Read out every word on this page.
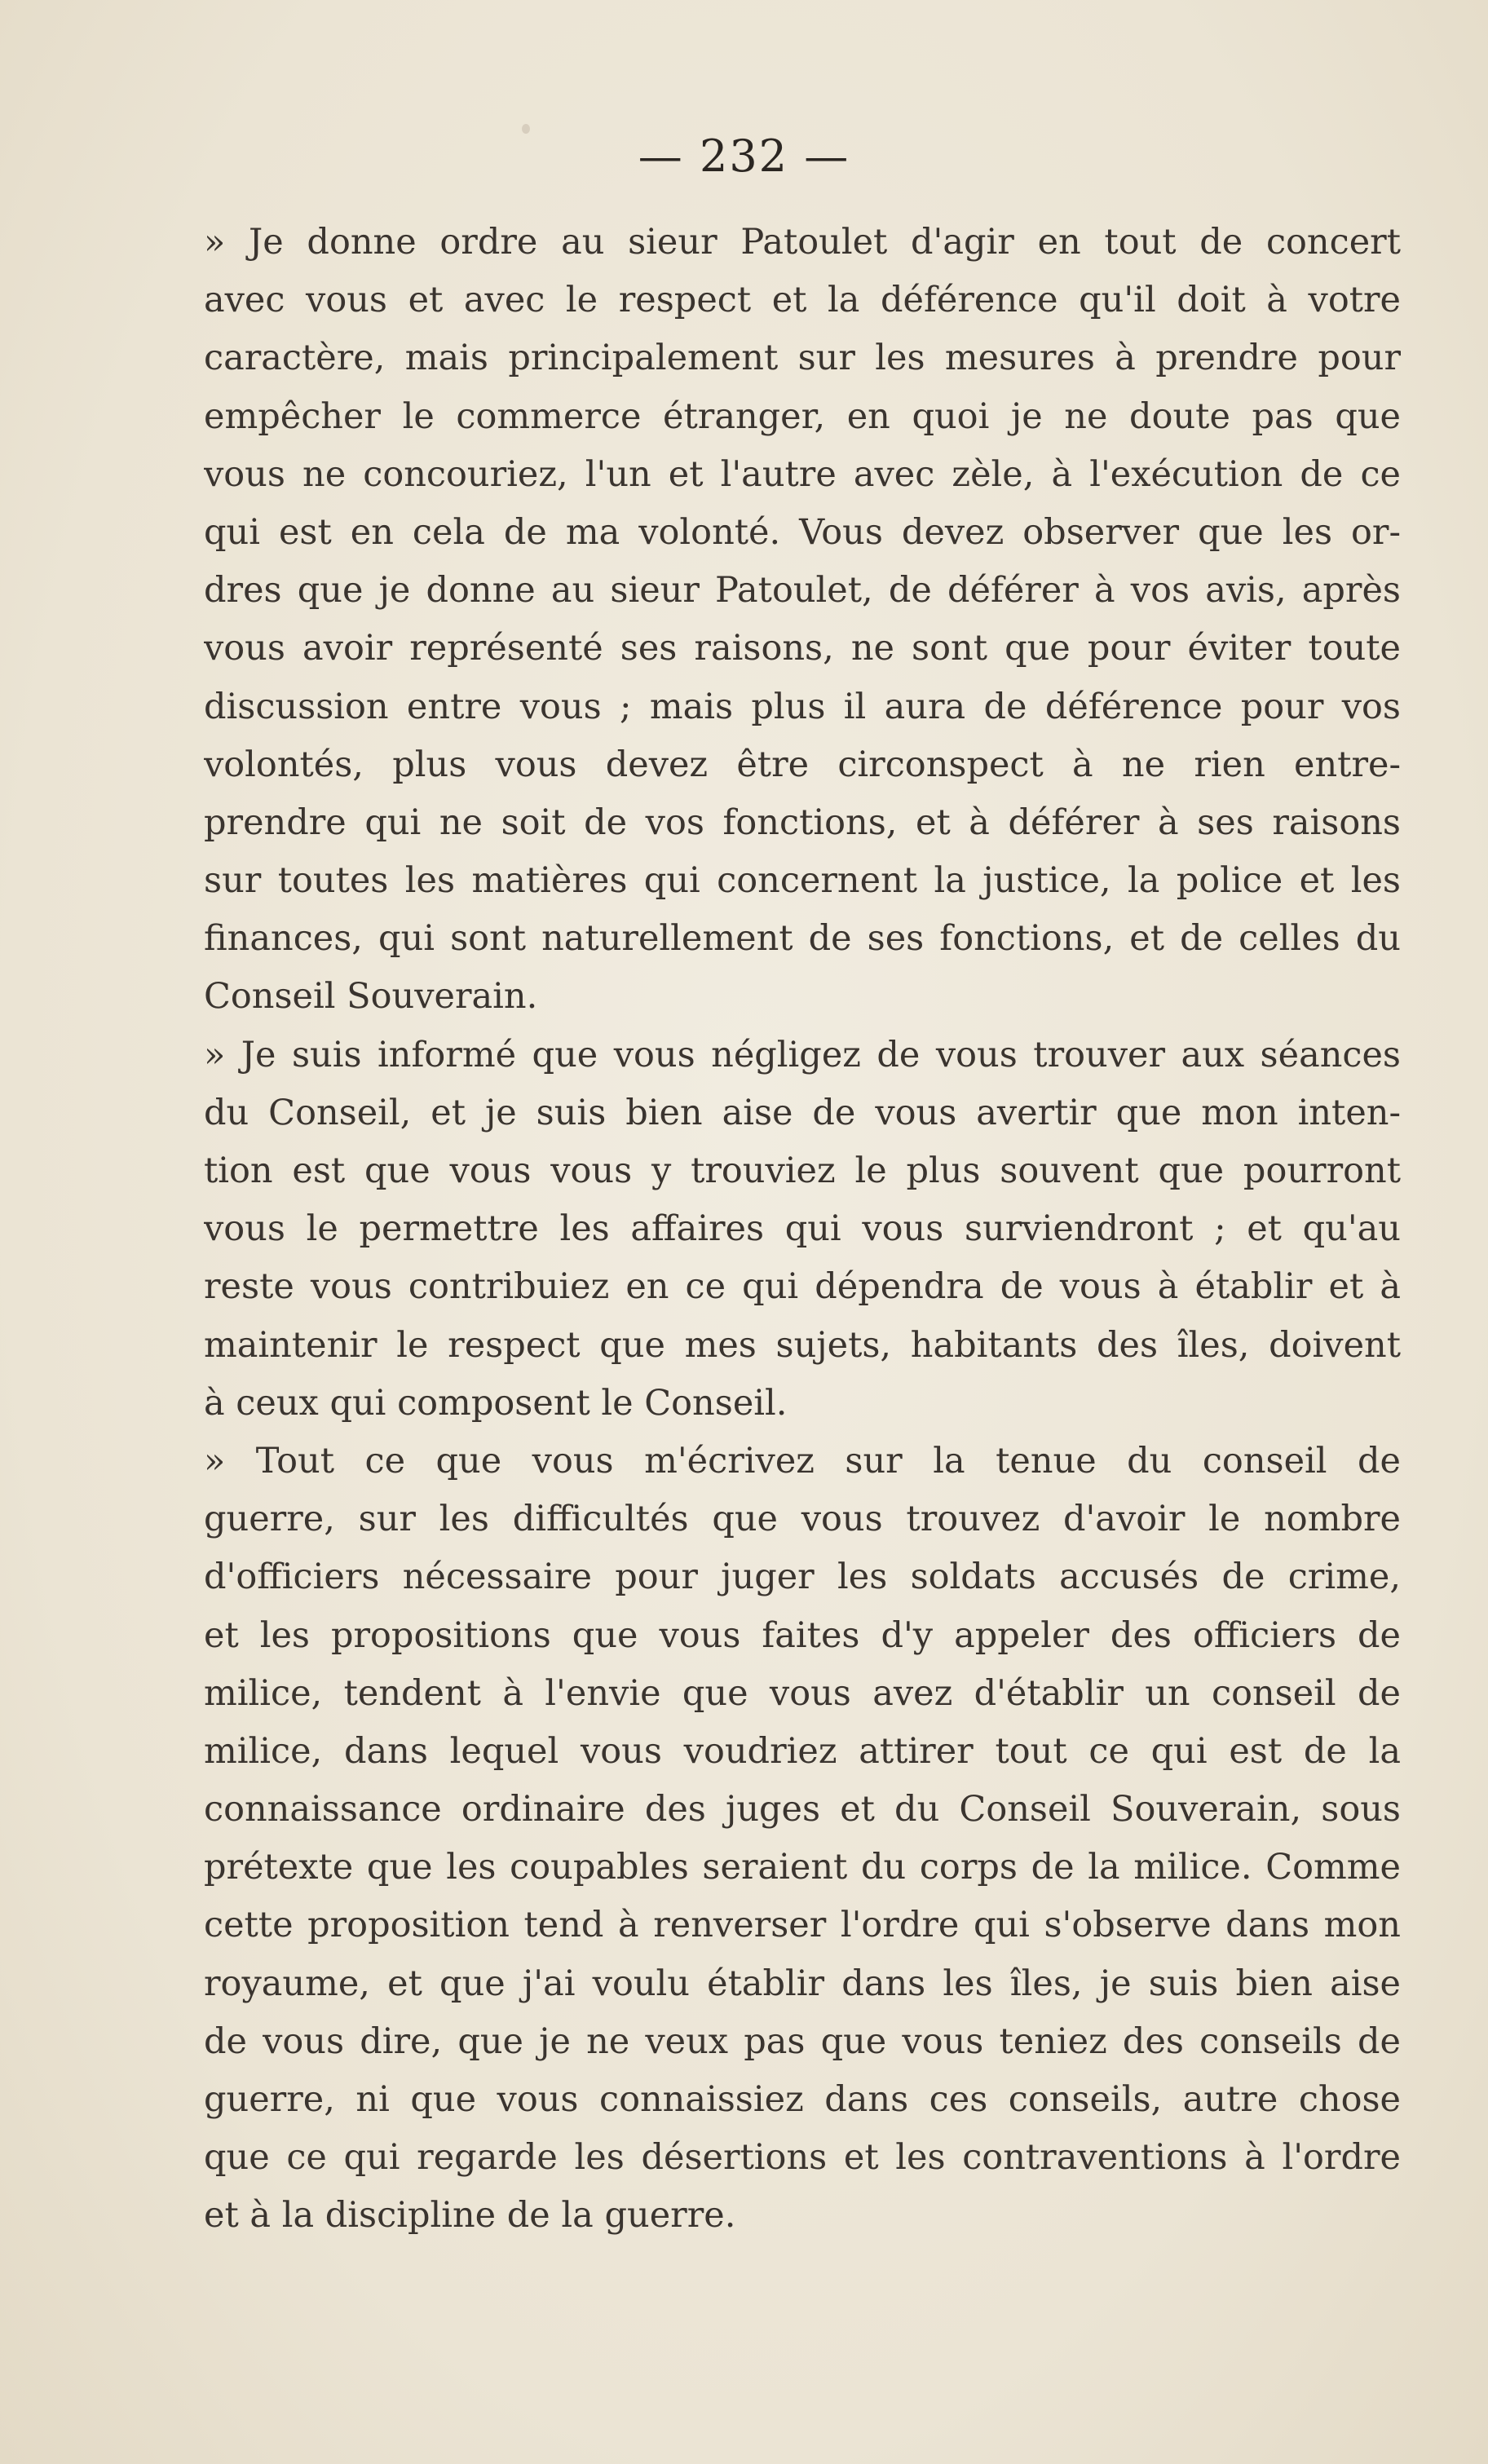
— 232 —
» Je donne ordre au sieur Patoulet d'agir en tout de concert
avec vous et avec le respect et la déférence qu'il doit à votre
caractère, mais principalement sur les mesures à prendre pour
empêcher le commerce étranger, en quoi je ne doute pas que
vous ne concouriez, l'un et l'autre avec zèle, à l'exécution de ce
qui est en cela de ma volonté. Vous devez observer que les or-
dres que je donne au sieur Patoulet, de déférer à vos avis, après
vous avoir représenté ses raisons, ne sont que pour éviter toute
discussion entre vous ; mais plus il aura de déférence pour vos
volontés, plus vous devez être circonspect à ne rien entre-
prendre qui ne soit de vos fonctions, et à déférer à ses raisons
sur toutes les matières qui concernent la justice, la police et les
finances, qui sont naturellement de ses fonctions, et de celles du
Conseil Souverain.
» Je suis informé que vous négligez de vous trouver aux séances
du Conseil, et je suis bien aise de vous avertir que mon inten-
tion est que vous vous y trouviez le plus souvent que pourront
vous le permettre les affaires qui vous surviendront ; et qu'au
reste vous contribuiez en ce qui dépendra de vous à établir et à
maintenir le respect que mes sujets, habitants des îles, doivent
à ceux qui composent le Conseil.
» Tout ce que vous m'écrivez sur la tenue du conseil de
guerre, sur les difficultés que vous trouvez d'avoir le nombre
d'officiers nécessaire pour juger les soldats accusés de crime,
et les propositions que vous faites d'y appeler des officiers de
milice, tendent à l'envie que vous avez d'établir un conseil de
milice, dans lequel vous voudriez attirer tout ce qui est de la
connaissance ordinaire des juges et du Conseil Souverain, sous
prétexte que les coupables seraient du corps de la milice. Comme
cette proposition tend à renverser l'ordre qui s'observe dans mon
royaume, et que j'ai voulu établir dans les îles, je suis bien aise
de vous dire, que je ne veux pas que vous teniez des conseils de
guerre, ni que vous connaissiez dans ces conseils, autre chose
que ce qui regarde les désertions et les contraventions à l'ordre
et à la discipline de la guerre.
